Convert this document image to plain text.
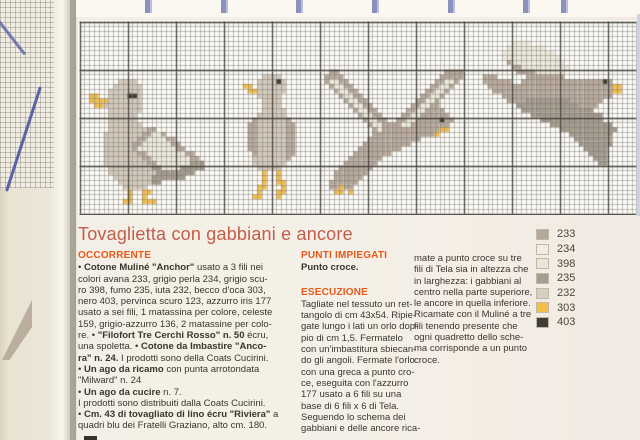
Tovaglietta con gabbiani e ancore
OCCORRENTE
• Cotone Muliné "Anchor" usato a 3 fili nei
colori avana 233, grigio perla 234, grigio scu-
ro 398, fumo 235, iuta 232, becco d'oca 303,
nero 403, pervinca scuro 123, azzurro iris 177
usato a sei fili, 1 matassina per colore, celeste
159, grigio-azzurro 136, 2 matassine per colo-
re. • "Filofort Tre Cerchi Rosso" n. 50 écru,
una spoletta. • Cotone da Imbastire "Anco-
ra" n. 24. I prodotti sono della Coats Cucirini.
• Un ago da ricamo con punta arrotondata
"Milward" n. 24
• Un ago da cucire n. 7.
I prodotti sono distribuiti dalla Coats Cucirini.
• Cm. 43 di tovagliato di lino écru "Riviera" a
quadri blu dei Fratelli Graziano, alto cm. 180.
PUNTI IMPIEGATI
Punto croce.
ESECUZIONE
Tagliate nel tessuto un ret-
tangolo di cm 43x54. Ripie-
gate lungo i lati un orlo dop-
pio di cm 1,5. Fermatelo
con un'imbastitura sbiecan-
do gli angoli. Fermate l'orlo
con una greca a punto cro-
ce, eseguita con l'azzurro
177 usato a 6 fili su una
base di 6 fili x 6 di Tela.
Seguendo lo schema dei
gabbiani e delle ancore rica-
mate a punto croce su tre
fili di Tela sia in altezza che
in larghezza: i gabbiani al
centro nella parte superiore,
le ancore in quella inferiore.
Ricamate con il Muliné a tre
fili tenendo presente che
ogni quadretto dello sche-
ma corrisponde a un punto
croce.
233
234
398
235
232
303
403
